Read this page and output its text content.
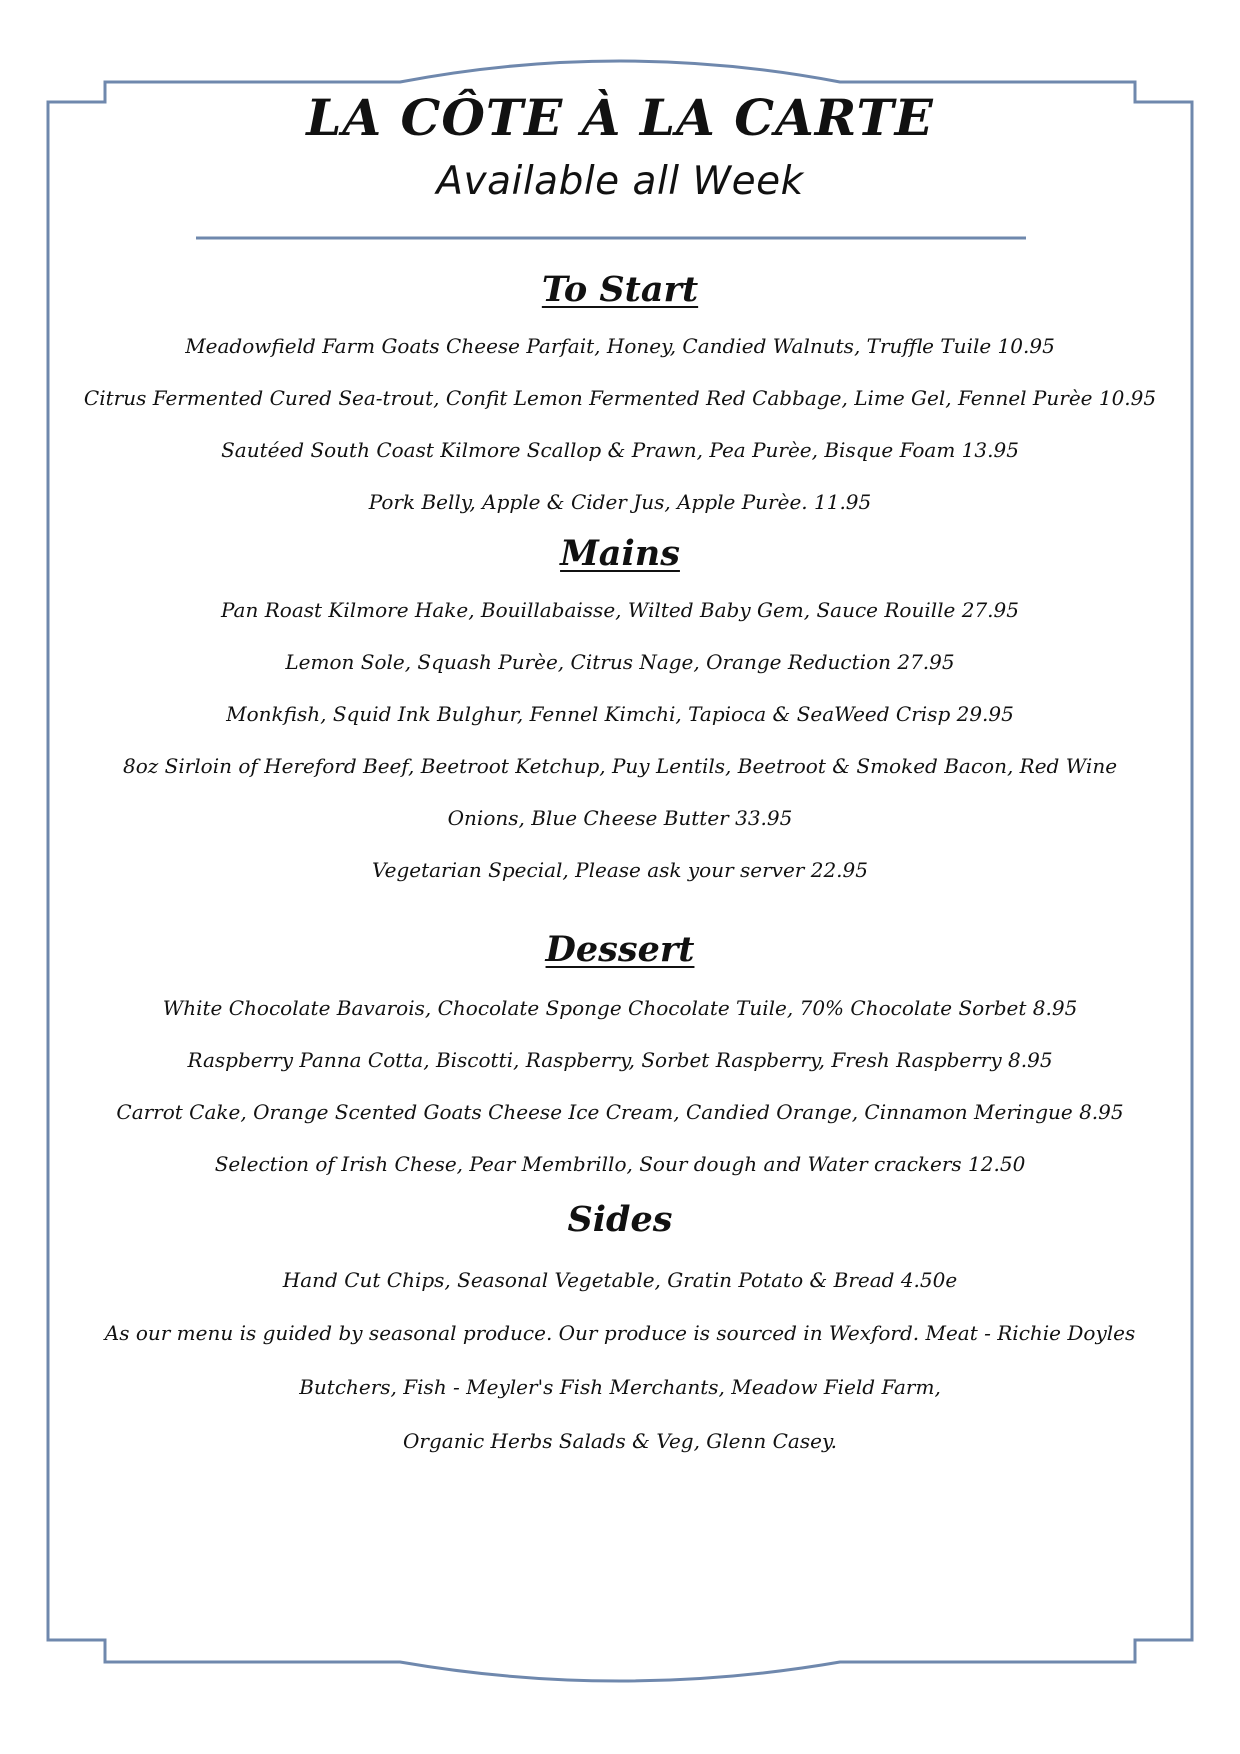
LA CÔTE À LA CARTE
Available all Week
To Start
Meadowfield Farm Goats Cheese Parfait, Honey, Candied Walnuts, Truffle Tuile 10.95
Citrus Fermented Cured Sea-trout, Confit Lemon Fermented Red Cabbage, Lime Gel, Fennel Purèe 10.95
Sautéed South Coast Kilmore Scallop & Prawn, Pea Purèe, Bisque Foam 13.95
Pork Belly, Apple & Cider Jus, Apple Purèe. 11.95
Mains
Pan Roast Kilmore Hake, Bouillabaisse, Wilted Baby Gem, Sauce Rouille 27.95
Lemon Sole, Squash Purèe, Citrus Nage, Orange Reduction 27.95
Monkfish, Squid Ink Bulghur, Fennel Kimchi, Tapioca & SeaWeed Crisp 29.95
8oz Sirloin of Hereford Beef, Beetroot Ketchup, Puy Lentils, Beetroot & Smoked Bacon, Red Wine
Onions, Blue Cheese Butter 33.95
Vegetarian Special, Please ask your server 22.95
Dessert
White Chocolate Bavarois, Chocolate Sponge Chocolate Tuile, 70% Chocolate Sorbet 8.95
Raspberry Panna Cotta, Biscotti, Raspberry, Sorbet Raspberry, Fresh Raspberry 8.95
Carrot Cake, Orange Scented Goats Cheese Ice Cream, Candied Orange, Cinnamon Meringue 8.95
Selection of Irish Chese, Pear Membrillo, Sour dough and Water crackers 12.50
Sides
Hand Cut Chips, Seasonal Vegetable, Gratin Potato & Bread 4.50e
As our menu is guided by seasonal produce. Our produce is sourced in Wexford. Meat - Richie Doyles
Butchers, Fish - Meyler's Fish Merchants, Meadow Field Farm,
Organic Herbs Salads & Veg, Glenn Casey.
